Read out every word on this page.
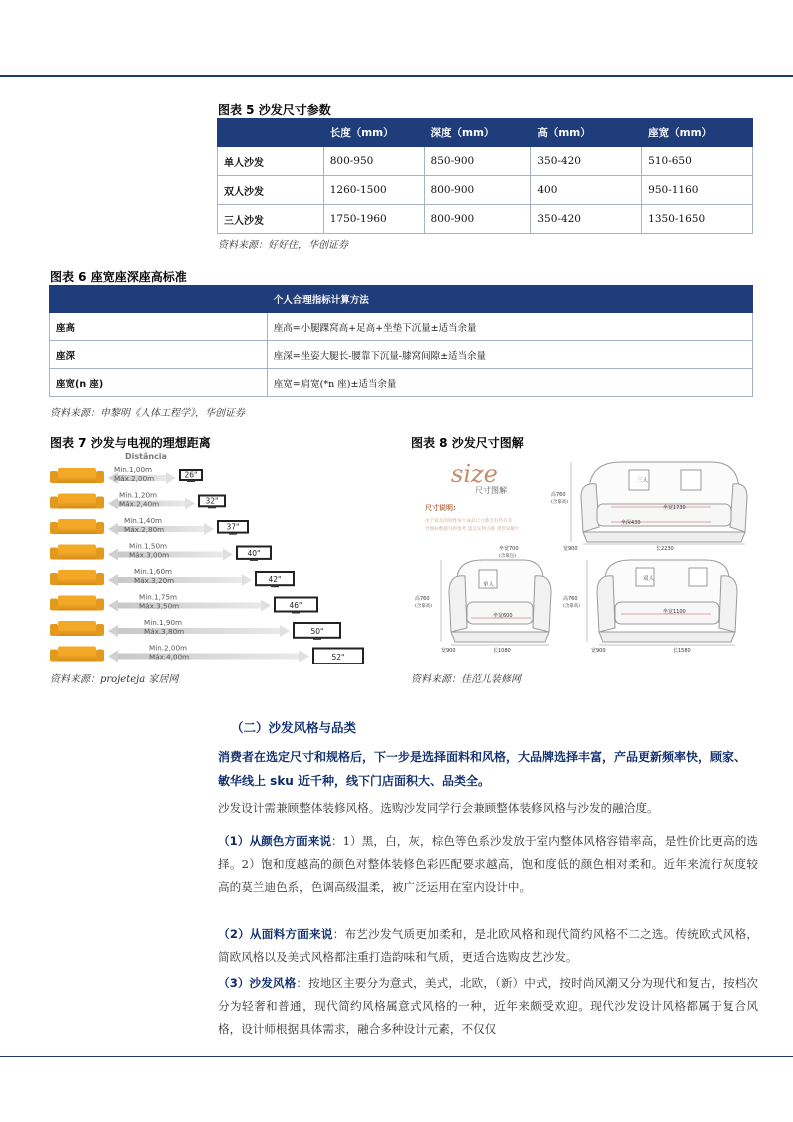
图表 5 沙发尺寸参数
	长度（mm）	深度（mm）	高（mm）	座宽（mm）
单人沙发	800-950	850-900	350-420	510-650
双人沙发	1260-1500	800-900	400	950-1160
三人沙发	1750-1960	800-900	350-420	1350-1650
资料来源：好好住，华创证券
图表 6 座宽座深座高标准
	个人合理指标计算方法
座高	座高=小腿踝窝高+足高+坐垫下沉量±适当余量
座深	座深=坐姿大腿长-腰靠下沉量-膝窝间隙±适当余量
座宽(n 座)	座宽=肩宽(*n 座)±适当余量
资料来源：申黎明《人体工程学》，华创证券
图表 7 沙发与电视的理想距离
Distância
Min.1,00m
Máx.2,00m	26"
Min.1,20m
Máx.2,40m	32"
Min.1,40m
Máx.2,80m	37"
Min.1,50m
Máx.3,00m	40"
Min.1,60m
Máx.3,20m	42"
Min.1,75m
Máx.3,50m	46"
Min.1,90m
Máx.3,80m	50"
Min.2,00m
Máx.4,00m	52"
资料来源：projeteja 家居网
图表 8 沙发尺寸图解
size
尺寸图解
尺寸说明:
由于家具的特性每个成品尺寸都会有些许差
异图标数据仅供参考 需以实物为准 望您谅解!!
三人
坐宽1730
坐深430
长2230
高760
(含靠高)
宽900
坐宽700
(含靠包)
单人
坐宽600
长1080
高760
(含靠高)
宽900
双人
坐宽1100
长1580
高760
(含靠高)
宽900
资料来源：佳范儿装修网
（二）沙发风格与品类
消费者在选定尺寸和规格后，下一步是选择面料和风格，大品牌选择丰富，产品更新频率快，顾家、敏华线上 sku 近千种，线下门店面积大、品类全。
沙发设计需兼顾整体装修风格。选购沙发同学行会兼顾整体装修风格与沙发的融洽度。
（1）从颜色方面来说：1）黑，白，灰，棕色等色系沙发放于室内整体风格容错率高，是性价比更高的选择。2）饱和度越高的颜色对整体装修色彩匹配要求越高，饱和度低的颜色相对柔和。近年来流行灰度较高的莫兰迪色系，色调高级温柔，被广泛运用在室内设计中。
（2）从面料方面来说：布艺沙发气质更加柔和，是北欧风格和现代简约风格不二之选。传统欧式风格，简欧风格以及美式风格都注重打造韵味和气质，更适合选购皮艺沙发。
（3）沙发风格：按地区主要分为意式，美式，北欧，（新）中式，按时尚风潮又分为现代和复古，按档次分为轻奢和普通，现代简约风格属意式风格的一种，近年来颇受欢迎。现代沙发设计风格都属于复合风格，设计师根据具体需求，融合多种设计元素，不仅仅
